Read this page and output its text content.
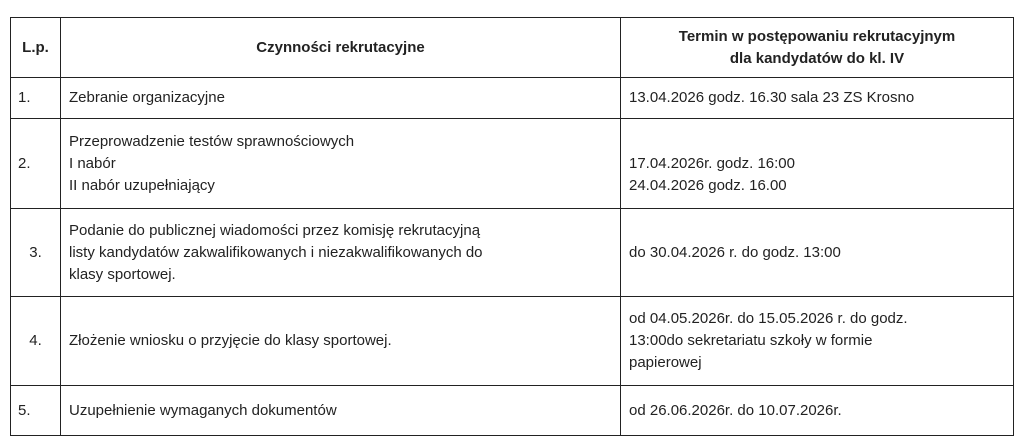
L.p.	Czynności rekrutacyjne	Termin w postępowaniu rekrutacyjnym
dla kandydatów do kl. IV

1.	Zebranie organizacyjne	13.04.2026 godz. 16.30 sala 23 ZS Krosno

2.	Przeprowadzenie testów sprawnościowych
I nabór
II nabór uzupełniający	17.04.2026r. godz. 16:00
24.04.2026 godz. 16.00

3.	Podanie do publicznej wiadomości przez komisję rekrutacyjną
listy kandydatów zakwalifikowanych i niezakwalifikowanych do
klasy sportowej.	do 30.04.2026 r. do godz. 13:00

4.	Złożenie wniosku o przyjęcie do klasy sportowej.	od 04.05.2026r. do 15.05.2026 r. do godz.
13:00do sekretariatu szkoły w formie
papierowej

5.	Uzupełnienie wymaganych dokumentów	od 26.06.2026r. do 10.07.2026r.
